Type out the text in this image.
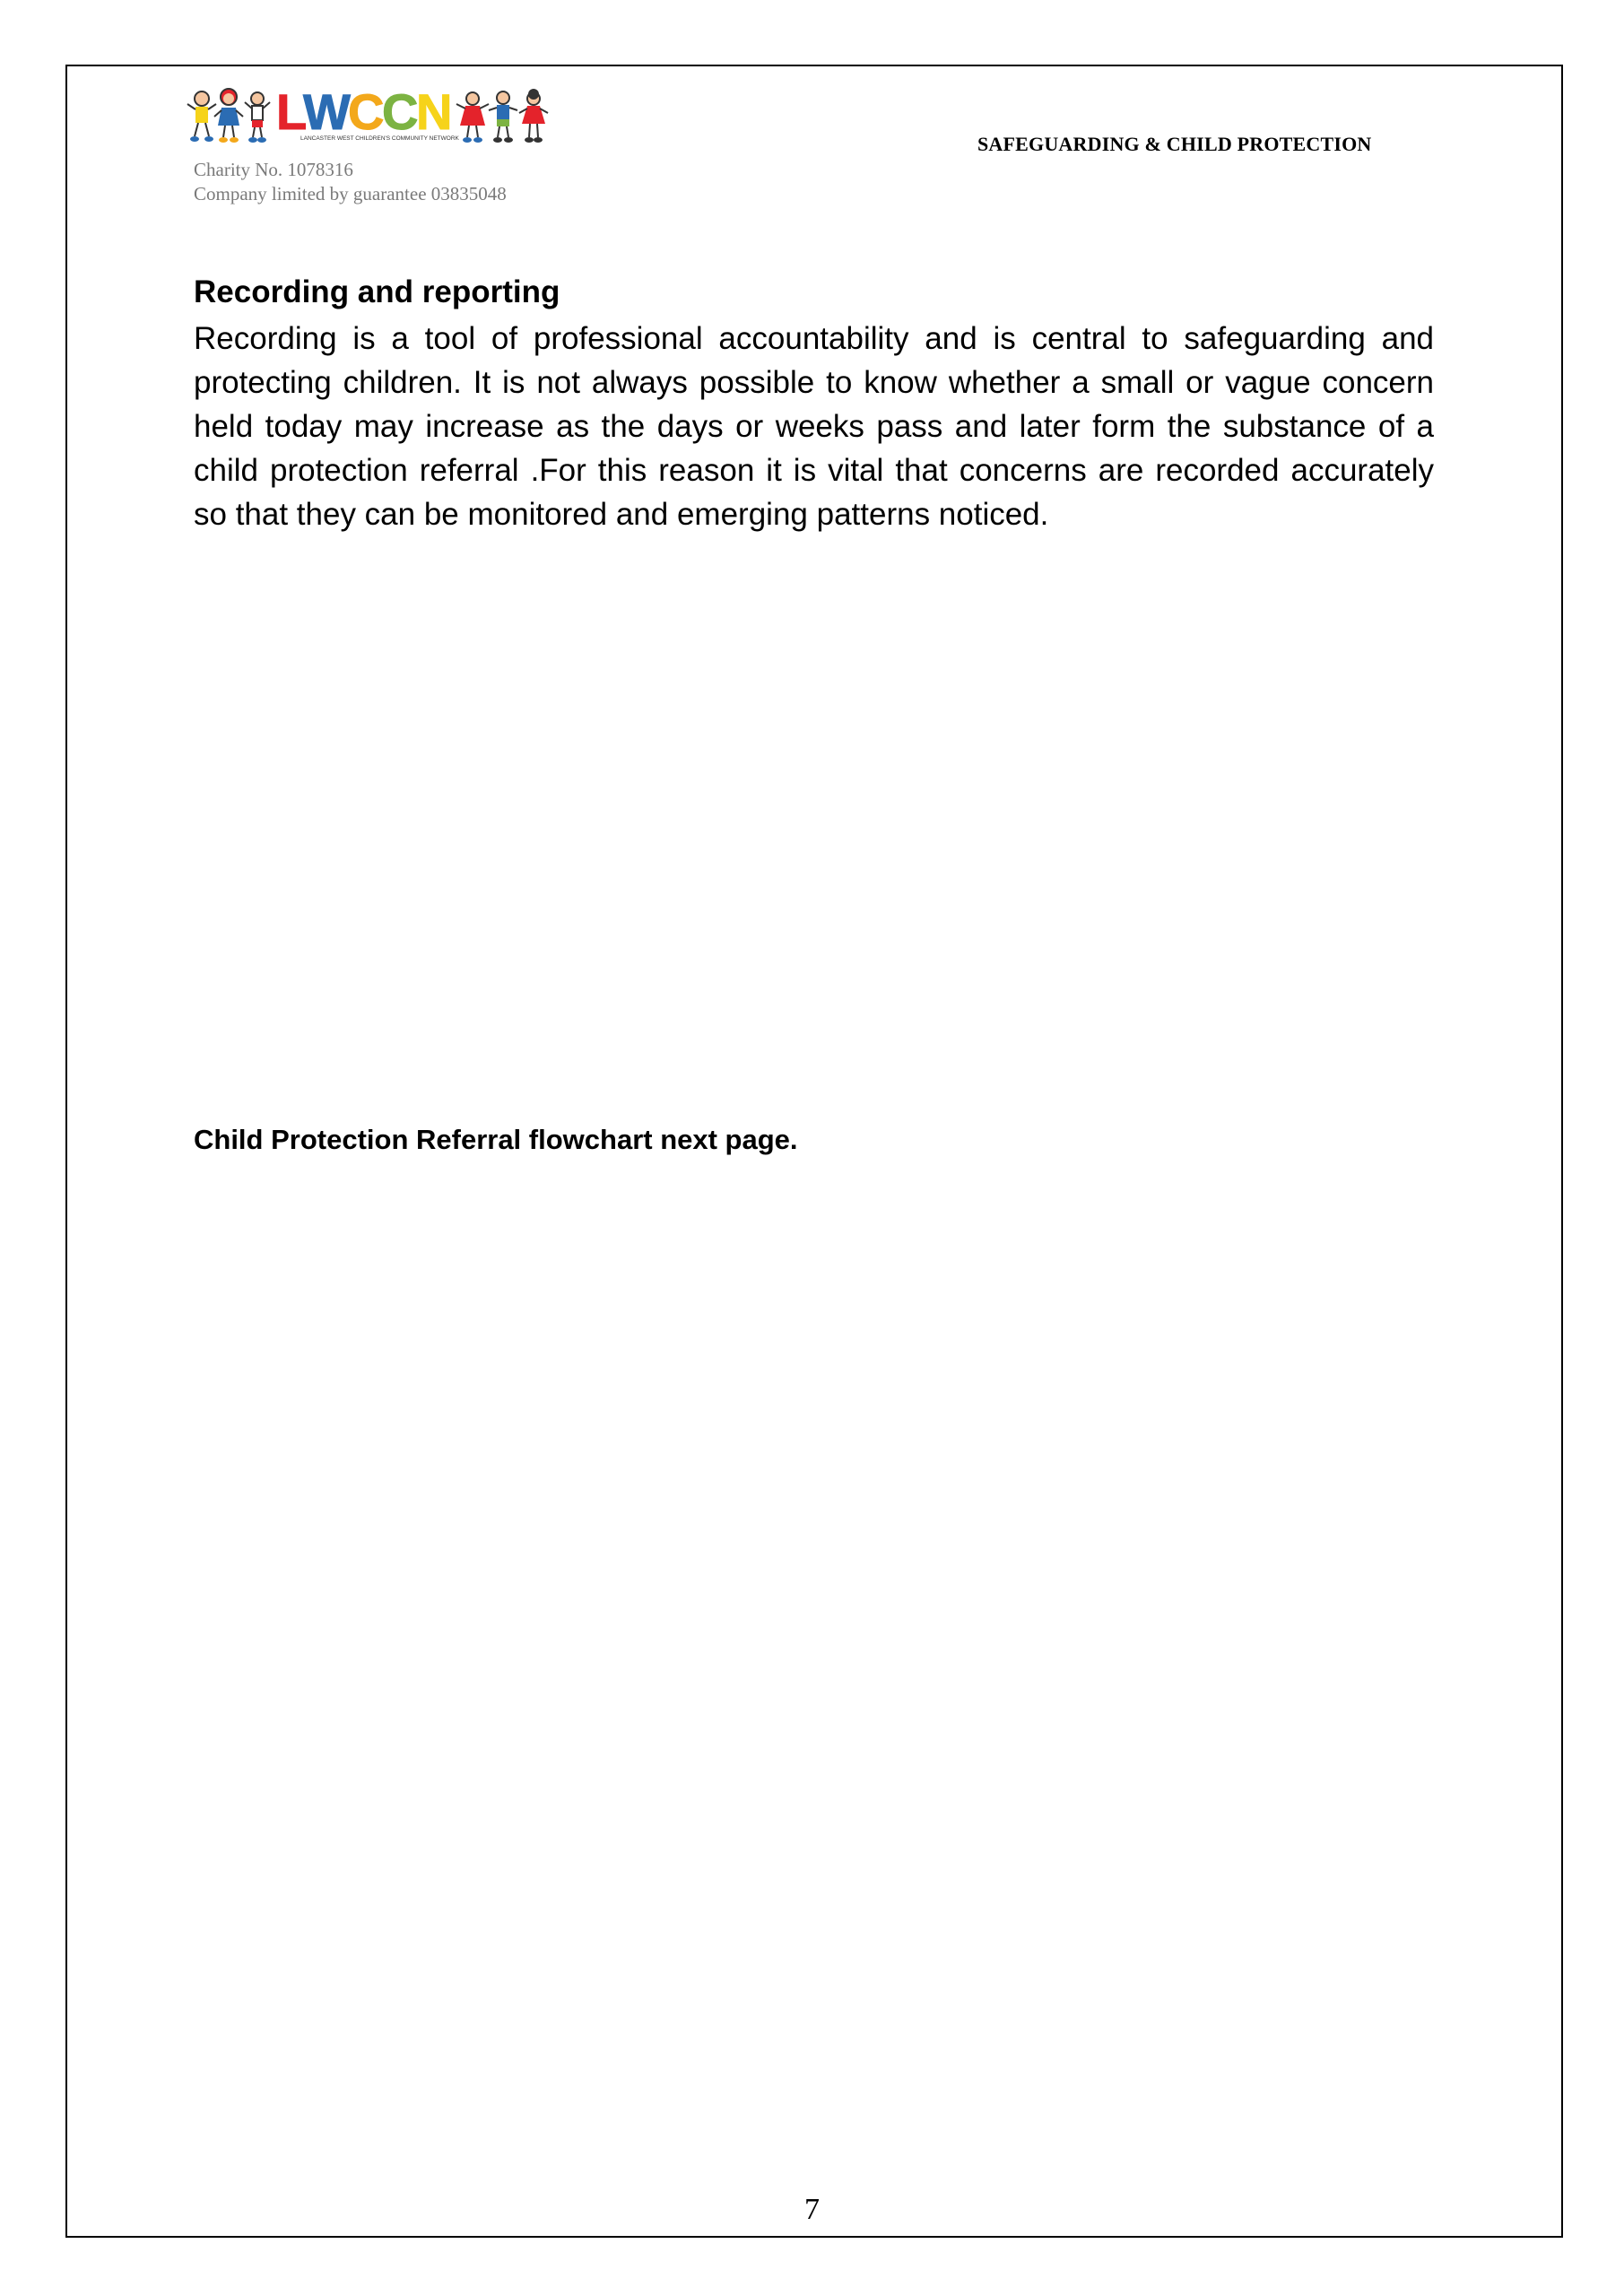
L
W
C
C
N
LANCASTER WEST CHILDREN'S COMMUNITY NETWORK	SAFEGUARDING & CHILD PROTECTION
Charity No. 1078316
Company limited by guarantee 03835048
Recording and reporting

Recording is a tool of professional accountability and is central to safeguarding and protecting children. It is not always possible to know whether a small or vague concern held today may increase as the days or weeks pass and later form the substance of a child protection referral .For this reason it is vital that concerns are recorded accurately so that they can be monitored and emerging patterns noticed.

Child Protection Referral flowchart next page.
7
